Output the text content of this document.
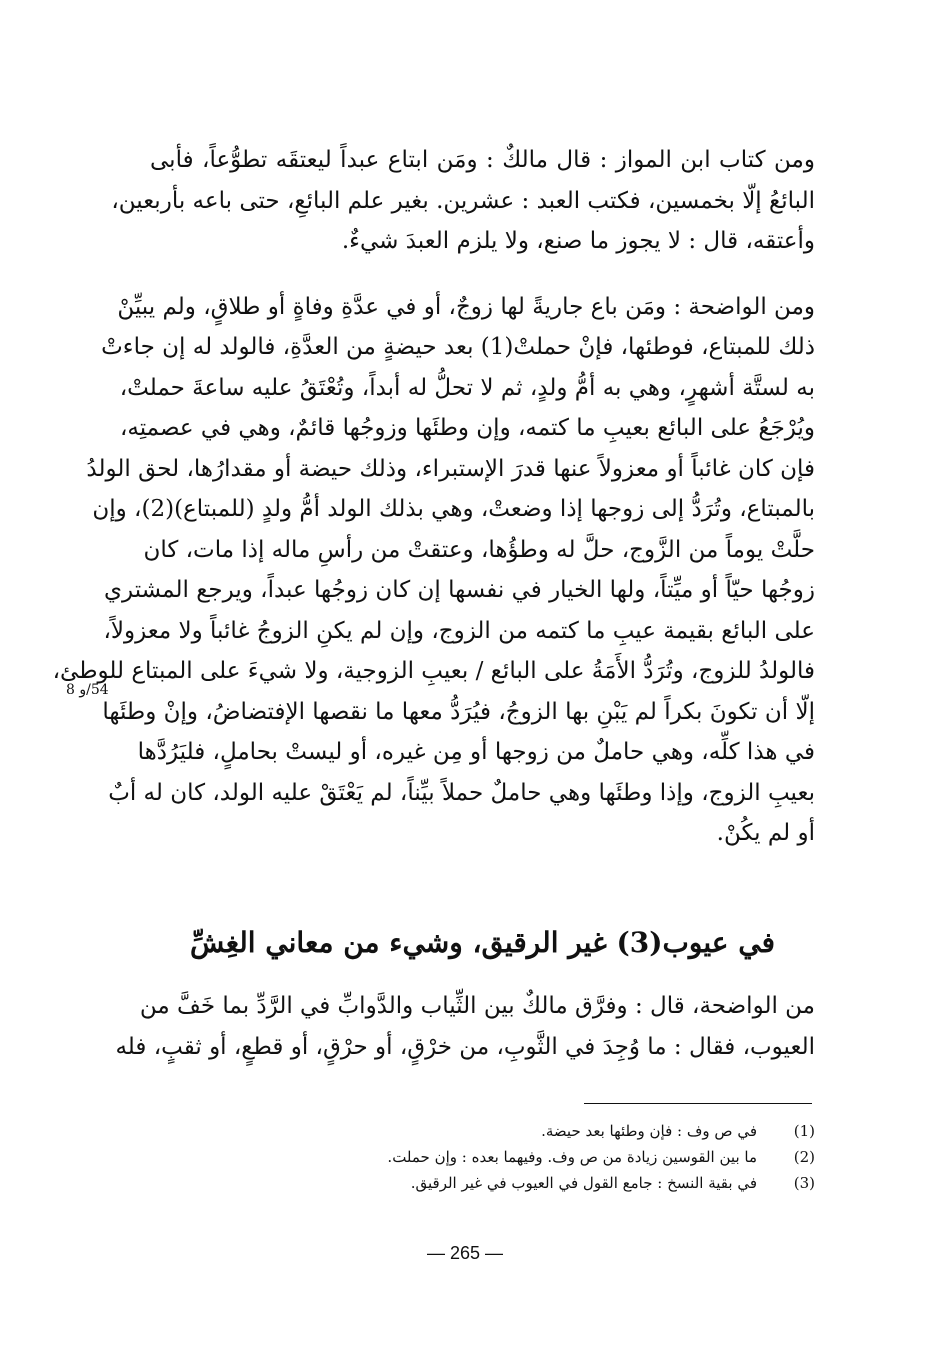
ومن كتاب ابن المواز : قال مالكٌ : ومَن ابتاع عبداً ليعتقَه تطوُّعاً، فأبى
البائعُ إلّا بخمسين، فكتب العبد : عشرين. بغير علم البائعِ، حتى باعه بأربعين،
وأعتقه، قال : لا يجوز ما صنع، ولا يلزم العبدَ شيءٌ.

ومن الواضحة : ومَن باع جاريةً لها زوجٌ، أو في عدَّةِ وفاةٍ أو طلاقٍ، ولم يبيِّنْ
ذلك للمبتاع، فوطئها، فإنْ حملتْ(1) بعد حيضةٍ من العدَّةِ، فالولد له إن جاءتْ
به لستَّة أشهرٍ، وهي به أمُّ ولدٍ، ثم لا تحلُّ له أبداً، وتُعْتَقُ عليه ساعةَ حملتْ،
ويُرْجَعُ على البائع بعيبِ ما كتمه، وإن وطئَها وزوجُها قائمٌ، وهي في عصمتِه،
فإن كان غائباً أو معزولاً عنها قدرَ الإستبراء، وذلك حيضة أو مقدارُها، لحق الولدُ
بالمبتاع، وتُرَدُّ إلى زوجها إذا وضعتْ، وهي بذلك الولد أمُّ ولدٍ (للمبتاع)(2)، وإن
حلَّتْ يوماً من الزَّوج، حلَّ له وطؤُها، وعتقتْ من رأسِ ماله إذا مات، كان
زوجُها حيّاً أو ميِّتاً، ولها الخيار في نفسها إن كان زوجُها عبداً، ويرجع المشتري
على البائع بقيمة عيبِ ما كتمه من الزوج، وإن لم يكنِ الزوجُ غائباً ولا معزولاً،
فالولدُ للزوج، وتُرَدُّ الأَمَةُ على البائع / بعيبِ الزوجية، ولا شيءَ على المبتاع للوطئ،
إلّا أن تكونَ بكراً لم يَبْنِ بها الزوجُ، فيُرَدُّ معها ما نقصها الإفتضاضُ، وإنْ وطئَها
في هذا كلِّه، وهي حاملٌ من زوجها أو مِن غيره، أو ليستْ بحاملٍ، فليَرُدَّها
بعيبِ الزوج، وإذا وطئَها وهي حاملٌ حملاً بيِّناً، لم يَعْتَقْ عليه الولد، كان له أبٌ
أو لم يكُنْ.

54/و 8
في عيوب(3) غير الرقيق، وشيء من معاني الغِشِّ

من الواضحة، قال : وفرَّق مالكٌ بين الثِّياب والدَّوابِّ في الرَّدِّ بما خَفَّ من
العيوب، فقال : ما وُجِدَ في الثَّوبِ، من خرْقٍ، أو حرْقٍ، أو قطعٍ، أو ثقبٍ، فله

(1)
في ص وف : فإن وطئها بعد حيضة.
(2)
ما بين القوسين زيادة من ص وف. وفيهما بعده : وإن حملت.
(3)
في بقية النسخ : جامع القول في العيوب في غير الرقيق.
— 265 —
